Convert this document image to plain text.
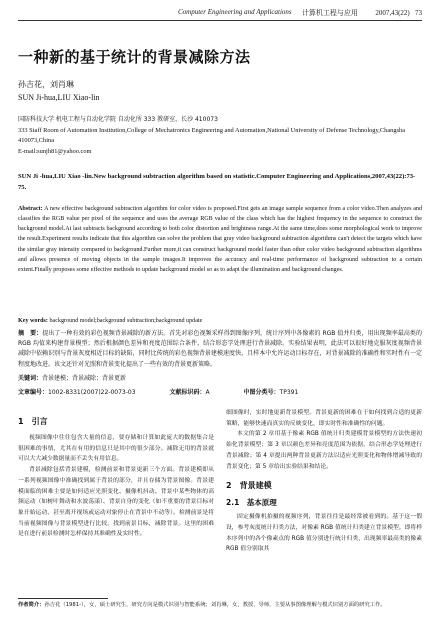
Computer Engineering and Applications 计算机工程与应用	2007,43(22) 73
一种新的基于统计的背景减除方法
孙吉花，刘肖琳
SUN Ji-hua,LIU Xiao-lin
国防科技大学 机电工程与自动化学院 自动化所 333 教研室，长沙 410073
333 Staff Room of Automation Institution,College of Mechatronics Engineering and Automation,National University of Defense Technology,Changsha 410073,China
E-mail:sunjh81@yahoo.com
SUN Ji -hua,LIU Xiao -lin.New background subtraction algorithm based on statistic.Computer Engineering and Applications,2007,43(22):73-75.
Abstract: A new effective background subtraction algorithm for color video is proposed.First gets an image sample sequence from a color video.Then analyzes and classifies the RGB value per pixel of the sequence and uses the average RGB value of the class which has the highest frequency in the sequence to construct the background model.At last subtracts background according to both color distortion and brightness range.At the same time,does some morphological work to improve the result.Experiment results indicate that this algorithm can solve the problem that gray video background subtraction algorithms can't detect the targets which have the similar gray intensity compared to background.Further more,it can construct background model faster than other color video background subtraction algorithms and allows presence of moving objects in the sample images.It improves the accuracy and real-time performance of background subtraction to a certain extent.Finally proposes some effective methods to update background model so as to adapt the illumination and background changes.
Key words: background model;background subtraction;background update
摘　要：提出了一种有效的彩色视频背景减除的新方法。首先对彩色视频采样得到图像序列，统计序列中各像素的 RGB 值并归类，用出现频率最高类的 RGB 均值来构建背景模型；然后根据颜色差异和亮度范围综合条件，结合形态学处理进行背景减除。实验结果表明，此法可以很好地克服灰度视频背景减除中依赖识别与背景灰度相近目标的缺陷，同时比传统的彩色视频背景建模速度快，且样本中允许运动目标存在，对背景减除的准确性和实时性有一定程度地改进。该文还针对光照和背景变化提出了一些有效的背景更新策略。
关键词：背景建模；背景减除；背景更新
文章编号：1002-8331(2007)22-0073-03	文献标识码：A	中图分类号：TP391
1　引言

视频图像中往往包含大量的信息，要存储和计算如此庞大的数据集合是很困难的事情，尤其在有用的信息只是其中的很少部分。减除无用的背景就可以大大减少数据量而不丢失有用信息。

背景减除包括背景建模，检测前景和背景更新三个方面。背景建模即从一系列视频图像中准确找到属于背景的部分，并且存储为背景图像。背景建模面临的困难主要是如何适应光照变化、摄像机抖动、背景中某些物体的高频运动（如树叶舞动和水波荡漾）、背景自身的变化（如不重要的背景目标对象开始运动，甚至离开视场或运动对象停止在背景中不动等）。检测前景是将当前视频图像与背景模型进行比较，找到前景目标，减除背景。这里的困难是在进行前景检测时怎样保持其准确性及实时性。

细图像时，实时地更新背景模型。背景更新的困难在于如何找到合适的更新策略，能够快速而真实的反映变化，即实时性和准确性的问题。

本文的第 2 章用基于像素 RGB 值统计归类建模背景模型的方法快速初始化背景模型；第 3 章以颜色差异和亮度范围为依据，结合形态学处理进行背景减除；第 4 章提出两种背景更新方法以适应光照变化和物体增减导致的背景变化；第 5 章给出实验结果和结论。

2　背景建模
2.1　基本原理

固定摄像机拍摄的视频序列，背景往往是最经常被看到的。基于这一假设，参考灰度统计归类方法，对像素 RGB 值统计归类建立背景模型。即将样本序列中的各个像素点的 RGB 值分别进行统计归类，出现频率最高类的像素 RGB 值分别取其

作者简介：孙吉花（1981-），女，硕士研究生，研究方向是模式识别与智能系统；刘肖琳，女，教授，导师，主要从事图像理解与模式识别方面的研究工作。
